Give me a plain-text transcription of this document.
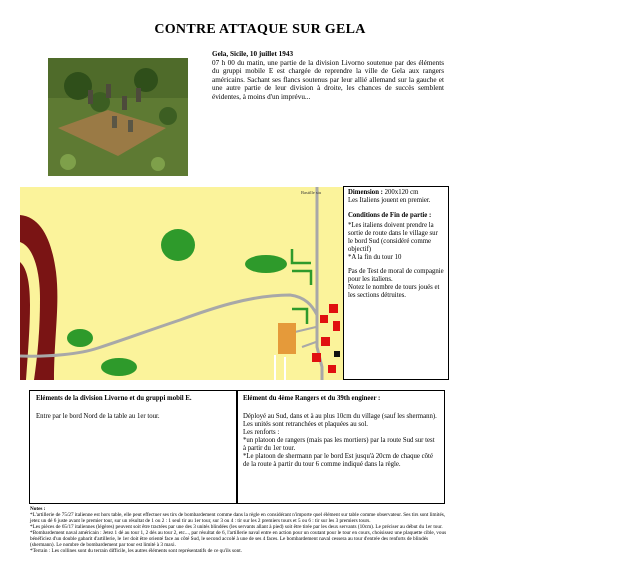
CONTRE ATTAQUE SUR GELA
Gela, Sicile, 10 juillet 1943
07 h 00 du matin, une partie de la division Livorno soutenue par des éléments du gruppi mobile E est chargée de reprendre la ville de Gela aux rangers américains. Sachant ses flancs soutenus par leur allié allemand sur la gauche et une autre partie de leur division à droite, les chances de succès semblent évidentes, à moins d'un imprévu...
Bastille stu	Dimension : 200x120 cm
Les Italiens jouent en premier.

Conditions de Fin de partie :

*Les italiens doivent prendre la sortie de route dans le village sur le bord Sud (considéré comme objectif)

*A la fin du tour 10

Pas de Test de moral de compagnie pour les italiens.

Notez le nombre de tours joués et les sections détruites.

Eléments de la division Livorno et du gruppi mobil E.
Entre par le bord Nord de la table au 1er tour.
Elément du 4ème Rangers et du 39th engineer :
Déployé au Sud, dans et à au plus 10cm du village (sauf les shermann). Les unités sont retranchées et plaquées au sol.
Les renforts :
*un platoon de rangers (mais pas les mortiers) par la route Sud sur test à partir du 1er tour.
*Le platoon de shermann par le bord Est jusqu'à 20cm de chaque côté de la route à partir du tour 6 comme indiqué dans la règle.

Notes :

*L'artillerie de 75/27 italienne est hors table, elle peut effectuer ses tirs de bombardement comme dans la règle en considérant n'importe quel élément sur table comme observateur. Ses tirs sont limités, jetez un dé 6 juste avant le premier tour, sur un résultat de 1 ou 2 : 1 seul tir au 1er tour, sur 3 ou 4 : tir sur les 2 premiers tours et 5 ou 6 : tir sur les 3 premiers tours.

*Les pièces de 65/17 italiennes (légères) peuvent soit être tractées par une des 3 unités blindées (les servants allant à pied) soit être tirée par les deux servants (10cm). Le préciser au début du 1er tour.

*Bombardement naval américain : Jetez 1 dé au tour 1, 2 dés au tour 2, etc..., par résultat de 6, l'artillerie naval entre en action pour un coutant pour le tour en cours, choisissez une plaquette cible, vous bénéficiez d'un double gabarit d'artillerie, le 1er doit être orienté face au côté Sud, le second accolé à une de ses 4 faces. Le bombardement naval cessera au tour d'entrée des renforts de blindés (shermann). Le nombre de bombardement par tour est limité à 3 maxi.

*Terrain : Les collines sont du terrain difficile, les autres éléments sont représentatifs de ce qu'ils sont.
